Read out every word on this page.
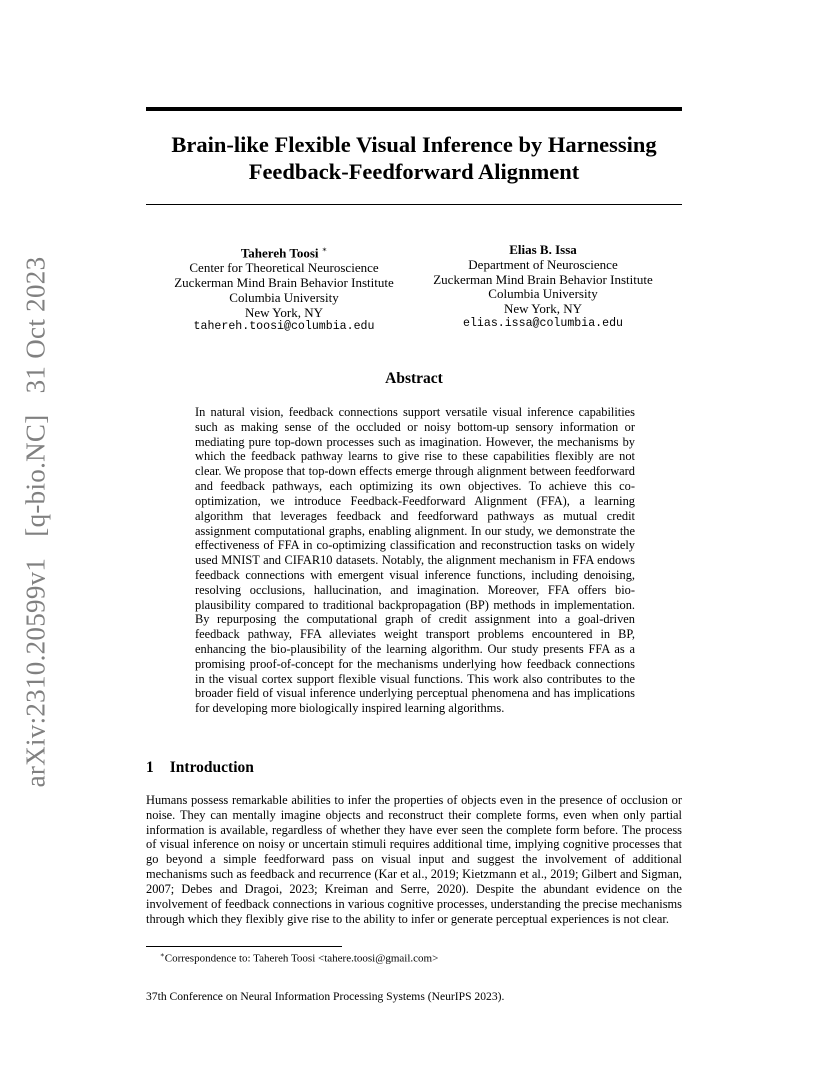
arXiv:2310.20599v1 [q-bio.NC] 31 Oct 2023
Brain-like Flexible Visual Inference by Harnessing
Feedback-Feedforward Alignment
Tahereh Toosi ∗
Center for Theoretical Neuroscience
Zuckerman Mind Brain Behavior Institute
Columbia University
New York, NY
tahereh.toosi@columbia.edu
Elias B. Issa
Department of Neuroscience
Zuckerman Mind Brain Behavior Institute
Columbia University
New York, NY
elias.issa@columbia.edu
Abstract
In natural vision, feedback connections support versatile visual inference capabilities such as making sense of the occluded or noisy bottom-up sensory information or mediating pure top-down processes such as imagination. However, the mechanisms by which the feedback pathway learns to give rise to these capabilities flexibly are not clear. We propose that top-down effects emerge through alignment between feedforward and feedback pathways, each optimizing its own objectives. To achieve this co-optimization, we introduce Feedback-Feedforward Alignment (FFA), a learning algorithm that leverages feedback and feedforward pathways as mutual credit assignment computational graphs, enabling alignment. In our study, we demonstrate the effectiveness of FFA in co-optimizing classification and reconstruction tasks on widely used MNIST and CIFAR10 datasets. Notably, the alignment mechanism in FFA endows feedback connections with emergent visual inference functions, including denoising, resolving occlusions, hallucination, and imagination. Moreover, FFA offers bio-plausibility compared to traditional backpropagation (BP) methods in implementation. By repurposing the computational graph of credit assignment into a goal-driven feedback pathway, FFA alleviates weight transport problems encountered in BP, enhancing the bio-plausibility of the learning algorithm. Our study presents FFA as a promising proof-of-concept for the mechanisms underlying how feedback connections in the visual cortex support flexible visual functions. This work also contributes to the broader field of visual inference underlying perceptual phenomena and has implications for developing more biologically inspired learning algorithms.
1 Introduction
Humans possess remarkable abilities to infer the properties of objects even in the presence of occlusion or noise. They can mentally imagine objects and reconstruct their complete forms, even when only partial information is available, regardless of whether they have ever seen the complete form before. The process of visual inference on noisy or uncertain stimuli requires additional time, implying cognitive processes that go beyond a simple feedforward pass on visual input and suggest the involvement of additional mechanisms such as feedback and recurrence (Kar et al., 2019; Kietzmann et al., 2019; Gilbert and Sigman, 2007; Debes and Dragoi, 2023; Kreiman and Serre, 2020). Despite the abundant evidence on the involvement of feedback connections in various cognitive processes, understanding the precise mechanisms through which they flexibly give rise to the ability to infer or generate perceptual experiences is not clear.
∗Correspondence to: Tahereh Toosi <tahere.toosi@gmail.com>
37th Conference on Neural Information Processing Systems (NeurIPS 2023).
